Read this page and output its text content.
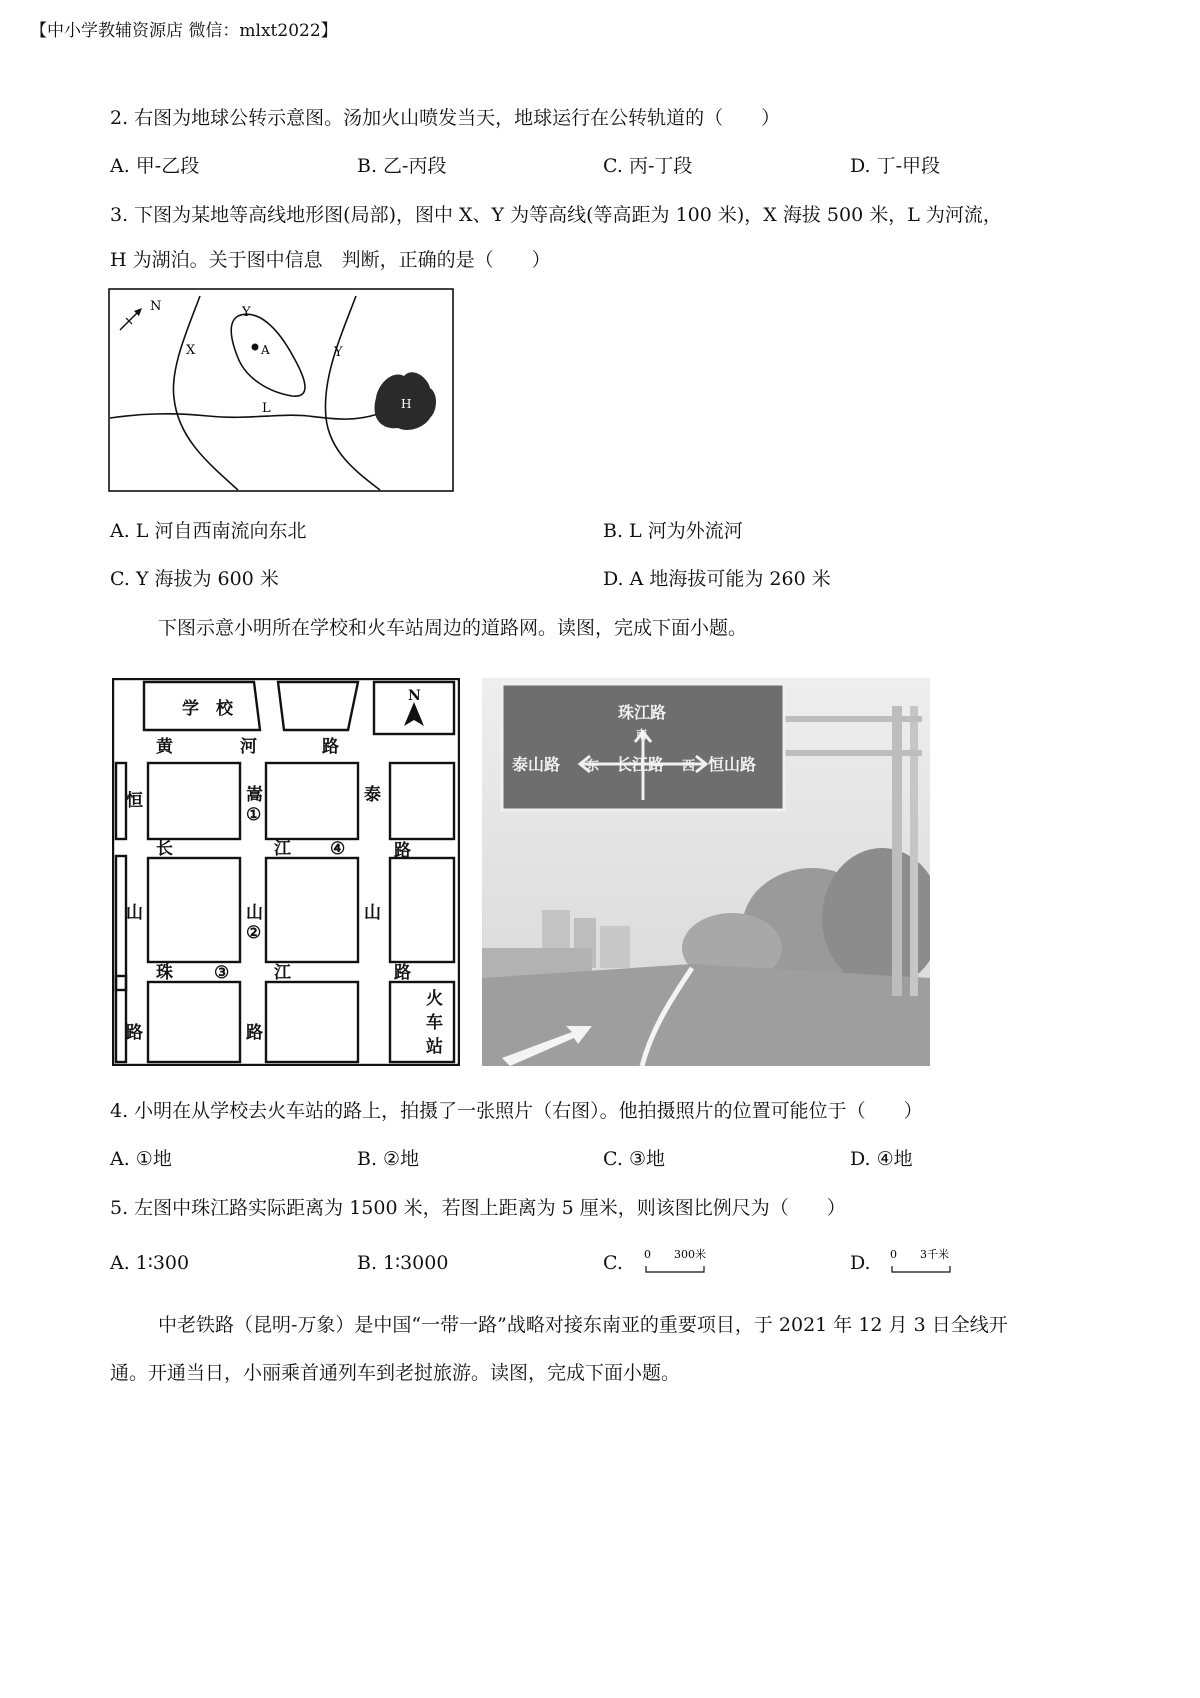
【中小学教辅资源店 微信：mlxt2022】
2. 右图为地球公转示意图。汤加火山喷发当天，地球运行在公转轨道的（　　）
A. 甲-乙段	B. 乙-丙段	C. 丙-丁段	D. 丁-甲段
3. 下图为某地等高线地形图(局部)，图中 X、Y 为等高线(等高距为 100 米)，X 海拔 500 米，L 为河流，
H 为湖泊。关于图中信息　判断，正确的是（　　）
N
X
Y
Y
A
L	H
A. L 河自西南流向东北	B. L 河为外流河
C. Y 海拔为 600 米	D. A 地海拔可能为 260 米
下图示意小明所在学校和火车站周边的道路网。读图，完成下面小题。
学　校
N
黄	河	路
恒
山
路
嵩
山
路
泰
山
路
长	江
路
珠	江
①
②
③
④
火
车
站
珠江路
南
泰山路 东 长江路 西 恒山路
4. 小明在从学校去火车站的路上，拍摄了一张照片（右图）。他拍摄照片的位置可能位于（　　）
A. ①地	B. ②地	C. ③地	D. ④地
5. 左图中珠江路实际距离为 1500 米，若图上距离为 5 厘米，则该图比例尺为（　　）
A. 1∶300	B. 1∶3000	C.	D.
0 300米	0 3千米
中老铁路（昆明-万象）是中国“一带一路”战略对接东南亚的重要项目，于 2021 年 12 月 3 日全线开
通。开通当日，小丽乘首通列车到老挝旅游。读图，完成下面小题。
